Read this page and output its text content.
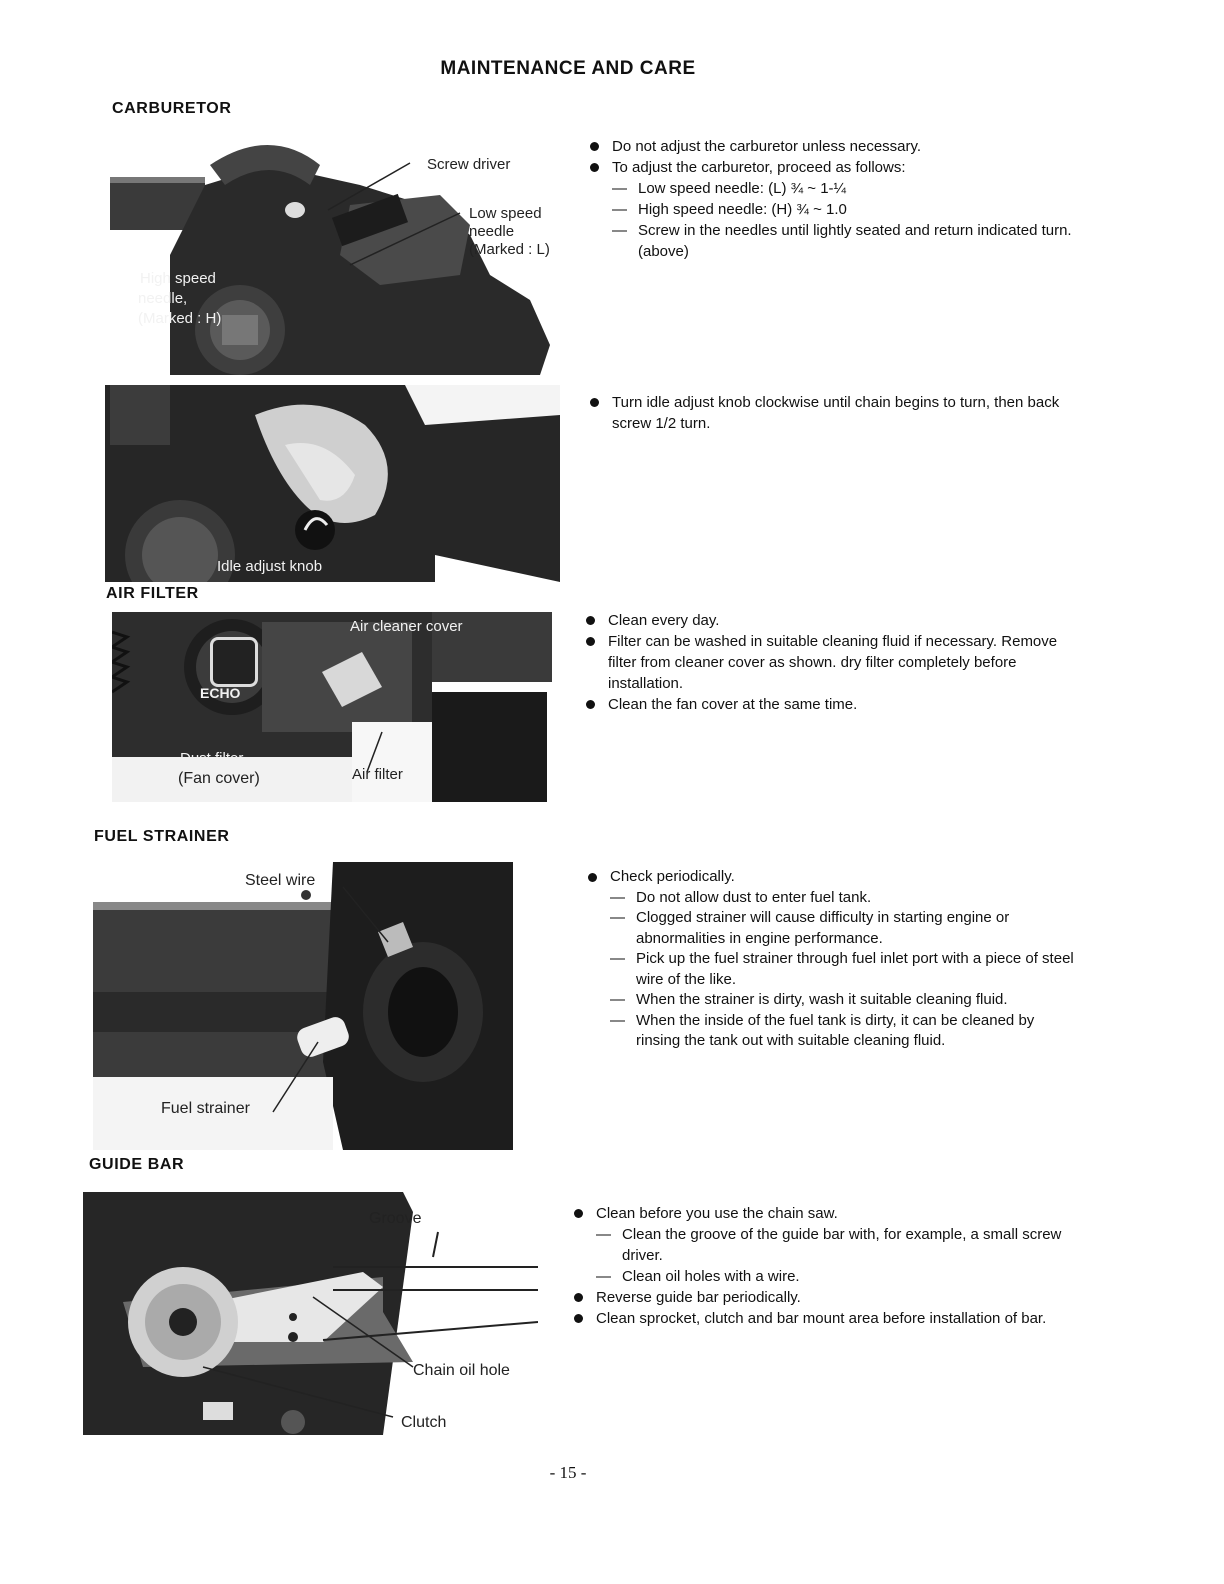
MAINTENANCE AND CARE
CARBURETOR
Screw driver
Low speed
needle
(Marked : L)
High speed
needle,
(Marked : H)
Do not adjust the carburetor unless necessary.
To adjust the carburetor, proceed as follows:
— Low speed needle: (L) ¾ ~ 1-¼
— High speed needle: (H) ¾ ~ 1.0
— Screw in the needles until lightly seated and return indicated turn. (above)
Idle adjust knob
Turn idle adjust knob clockwise until chain begins to turn, then back screw 1/2 turn.
AIR FILTER
ECHO
Air cleaner cover
Dust filter
(Fan cover)	Air filter
Clean every day.
Filter can be washed in suitable cleaning fluid if necessary. Remove filter from cleaner cover as shown. dry filter completely before installation.
Clean the fan cover at the same time.
FUEL STRAINER
Steel wire
Fuel strainer
Check periodically.
— Do not allow dust to enter fuel tank.
— Clogged strainer will cause difficulty in starting engine or abnormalities in engine performance.
— Pick up the fuel strainer through fuel inlet port with a piece of steel wire of the like.
— When the strainer is dirty, wash it suitable cleaning fluid.
— When the inside of the fuel tank is dirty, it can be cleaned by rinsing the tank out with suitable cleaning fluid.
GUIDE BAR
Groove
Chain oil hole
Clutch
Clean before you use the chain saw.
— Clean the groove of the guide bar with, for example, a small screw driver.
— Clean oil holes with a wire.
Reverse guide bar periodically.
Clean sprocket, clutch and bar mount area before installation of bar.
- 15 -
